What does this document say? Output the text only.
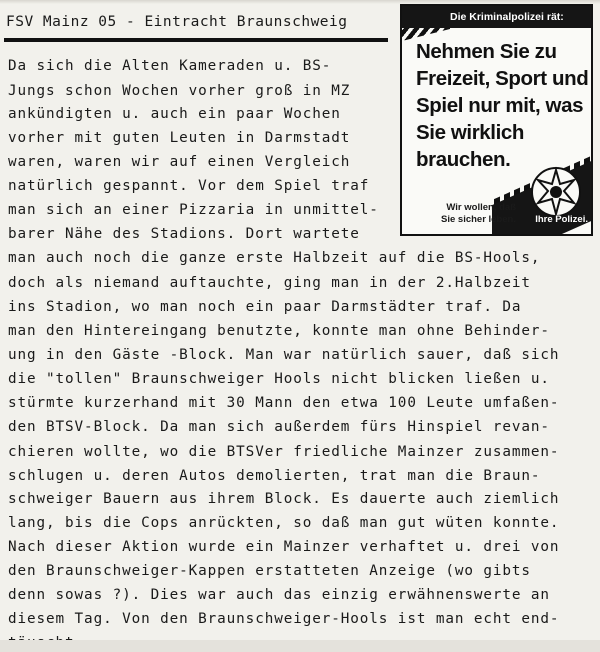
FSV Mainz 05 - Eintracht Braunschweig	Die Kriminalpolizei rät:
Nehmen Sie zu Freizeit, Sport und Spiel nur mit, was Sie wirklich brauchen.
Wir wollen, daß Sie sicher leben.	Ihre Polizei.
Da sich die Alten Kameraden u. BS-
Jungs schon Wochen vorher groß in MZ
ankündigten u. auch ein paar Wochen
vorher mit guten Leuten in Darmstadt
waren, waren wir auf einen Vergleich
natürlich gespannt. Vor dem Spiel traf
man sich an einer Pizzaria in unmittel-
barer Nähe des Stadions. Dort wartete
man auch noch die ganze erste Halbzeit auf die BS-Hools,
doch als niemand auftauchte, ging man in der 2.Halbzeit
ins Stadion, wo man noch ein paar Darmstädter traf. Da
man den Hintereingang benutzte, konnte man ohne Behinder-
ung in den Gäste -Block. Man war natürlich sauer, daß sich
die "tollen" Braunschweiger Hools nicht blicken ließen u.
stürmte kurzerhand mit 30 Mann den etwa 100 Leute umfaßen-
den BTSV-Block. Da man sich außerdem fürs Hinspiel revan-
chieren wollte, wo die BTSVer friedliche Mainzer zusammen-
schlugen u. deren Autos demolierten, trat man die Braun-
schweiger Bauern aus ihrem Block. Es dauerte auch ziemlich
lang, bis die Cops anrückten, so daß man gut wüten konnte.
Nach dieser Aktion wurde ein Mainzer verhaftet u. drei von
den Braunschweiger-Kappen erstatteten Anzeige (wo gibts
denn sowas ?). Dies war auch das einzig erwähnenswerte an
diesem Tag. Von den Braunschweiger-Hools ist man echt end-
